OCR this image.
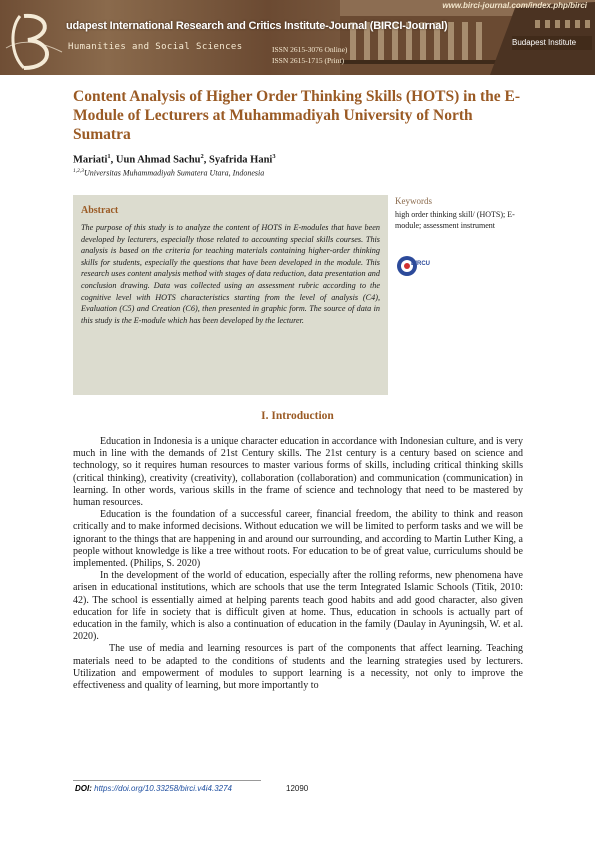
www.birci-journal.com/index.php/birci
udapest International Research and Critics Institute-Journal (BIRCI-Journal)
Humanities and Social Sciences	ISSN 2615-3076 Online)
ISSN 2615-1715 (Print)
Budapest Institute
Content Analysis of Higher Order Thinking Skills (HOTS) in the E-Module of Lecturers at Muhammadiyah University of North Sumatra
Mariati$^1$, Uun Ahmad Sachu$^2$, Syafrida Hani$^3$
$^{1,2,3}$Universitas Muhammadiyah Sumatera Utara, Indonesia
Abstract

The purpose of this study is to analyze the content of HOTS in E-modules that have been developed by lecturers, especially those related to accounting special skills courses. This analysis is based on the criteria for teaching materials containing higher-order thinking skills for students, especially the questions that have been developed in the module. This research uses content analysis method with stages of data reduction, data presentation and conclusion drawing. Data was collected using an assessment rubric according to the cognitive level with HOTS characteristics starting from the level of analysis (C4), Evaluation (C5) and Creation (C6), then presented in graphic form. The source of data in this study is the E-module which has been developed by the lecturer.

Keywords

high order thinking skill/ (HOTS); E-module; assessment instrument

BIRCU
I. Introduction

Education in Indonesia is a unique character education in accordance with Indonesian culture, and is very much in line with the demands of 21st Century skills. The 21st century is a century based on science and technology, so it requires human resources to master various forms of skills, including critical thinking skills (critical thinking), creativity (creativity), collaboration (collaboration) and communication (communication) in learning. In other words, various skills in the frame of science and technology that need to be mastered by human resources.

Education is the foundation of a successful career, financial freedom, the ability to think and reason critically and to make informed decisions. Without education we will be limited to perform tasks and we will be ignorant to the things that are happening in and around our surrounding, and according to Martin Luther King, a people without knowledge is like a tree without roots. For education to be of great value, curriculums should be implemented. (Philips, S. 2020)

In the development of the world of education, especially after the rolling reforms, new phenomena have arisen in educational institutions, which are schools that use the term Integrated Islamic Schools (Titik, 2010: 42). The school is essentially aimed at helping parents teach good habits and add good character, also given education for life in society that is difficult given at home. Thus, education in schools is actually part of education in the family, which is also a continuation of education in the family (Daulay in Ayuningsih, W. et al. 2020).

The use of media and learning resources is part of the components that affect learning. Teaching materials need to be adapted to the conditions of students and the learning strategies used by lecturers. Utilization and empowerment of modules to support learning is a necessity, not only to improve the effectiveness and quality of learning, but more importantly to

DOI: https://doi.org/10.33258/birci.v4i4.3274	12090
